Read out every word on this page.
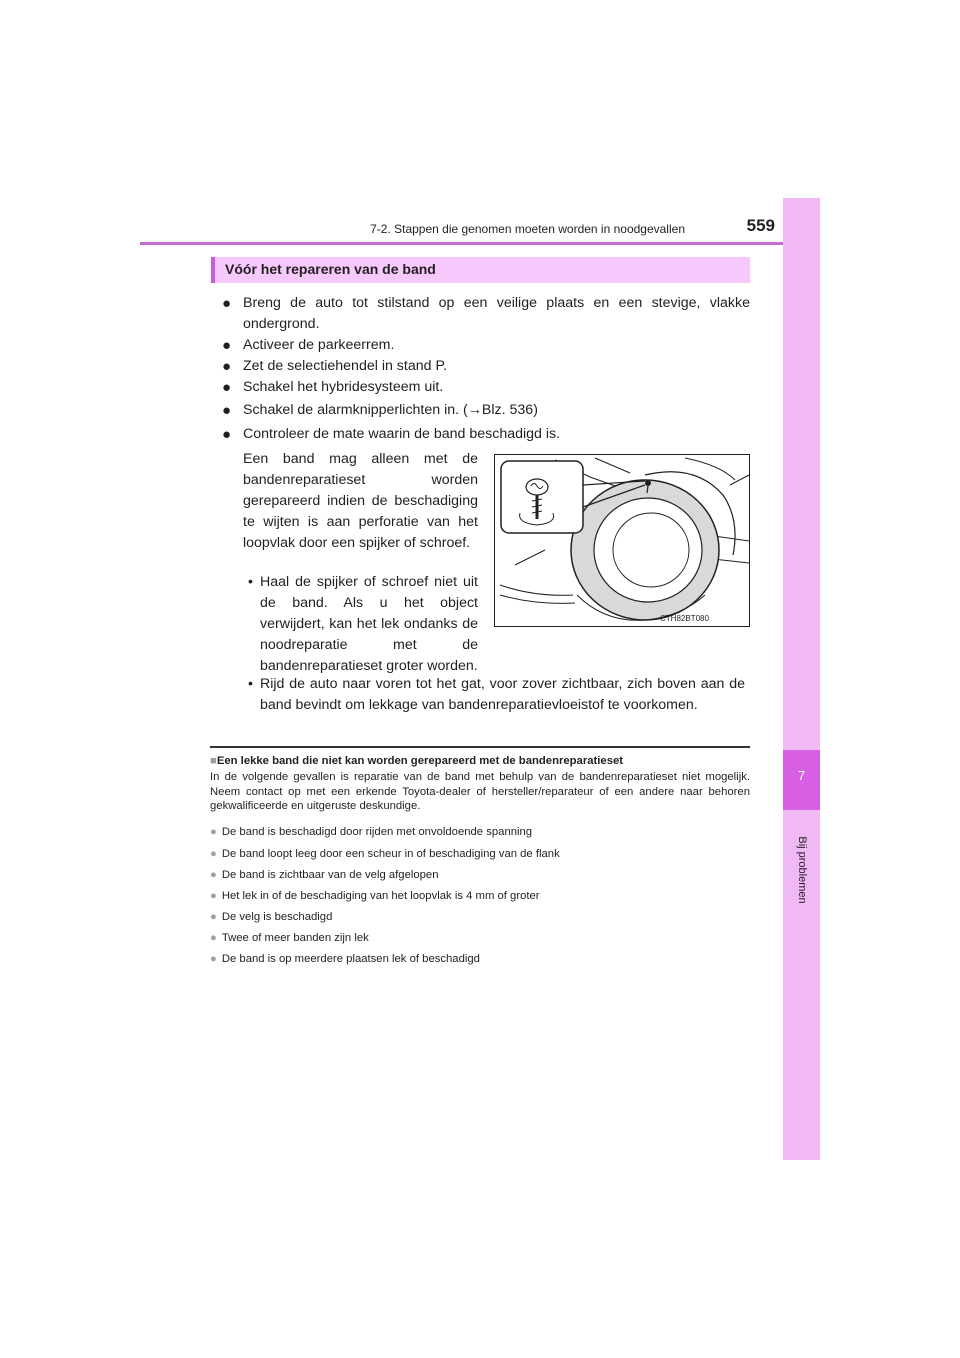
7-2. Stappen die genomen moeten worden in noodgevallen	559
7
Bij problemen
Vóór het repareren van de band
● Breng de auto tot stilstand op een veilige plaats en een stevige, vlakke ondergrond.
● Activeer de parkeerrem.
● Zet de selectiehendel in stand P.
● Schakel het hybridesysteem uit.
● Schakel de alarmknipperlichten in. (→Blz. 536)
● Controleer de mate waarin de band beschadigd is.
Een band mag alleen met de bandenreparatieset worden gerepareerd indien de beschadiging te wijten is aan perforatie van het loopvlak door een spijker of schroef.
• Haal de spijker of schroef niet uit de band. Als u het object verwijdert, kan het lek ondanks de noodreparatie met de bandenreparatieset groter worden.
• Rijd de auto naar voren tot het gat, voor zover zichtbaar, zich boven aan de band bevindt om lekkage van bandenreparatievloeistof te voorkomen.
CTH82BT080
■Een lekke band die niet kan worden gerepareerd met de bandenreparatieset
In de volgende gevallen is reparatie van de band met behulp van de bandenreparatieset niet mogelijk. Neem contact op met een erkende Toyota-dealer of hersteller/reparateur of een andere naar behoren gekwalificeerde en uitgeruste deskundige.
● De band is beschadigd door rijden met onvoldoende spanning
● De band loopt leeg door een scheur in of beschadiging van de flank
● De band is zichtbaar van de velg afgelopen
● Het lek in of de beschadiging van het loopvlak is 4 mm of groter
● De velg is beschadigd
● Twee of meer banden zijn lek
● De band is op meerdere plaatsen lek of beschadigd
